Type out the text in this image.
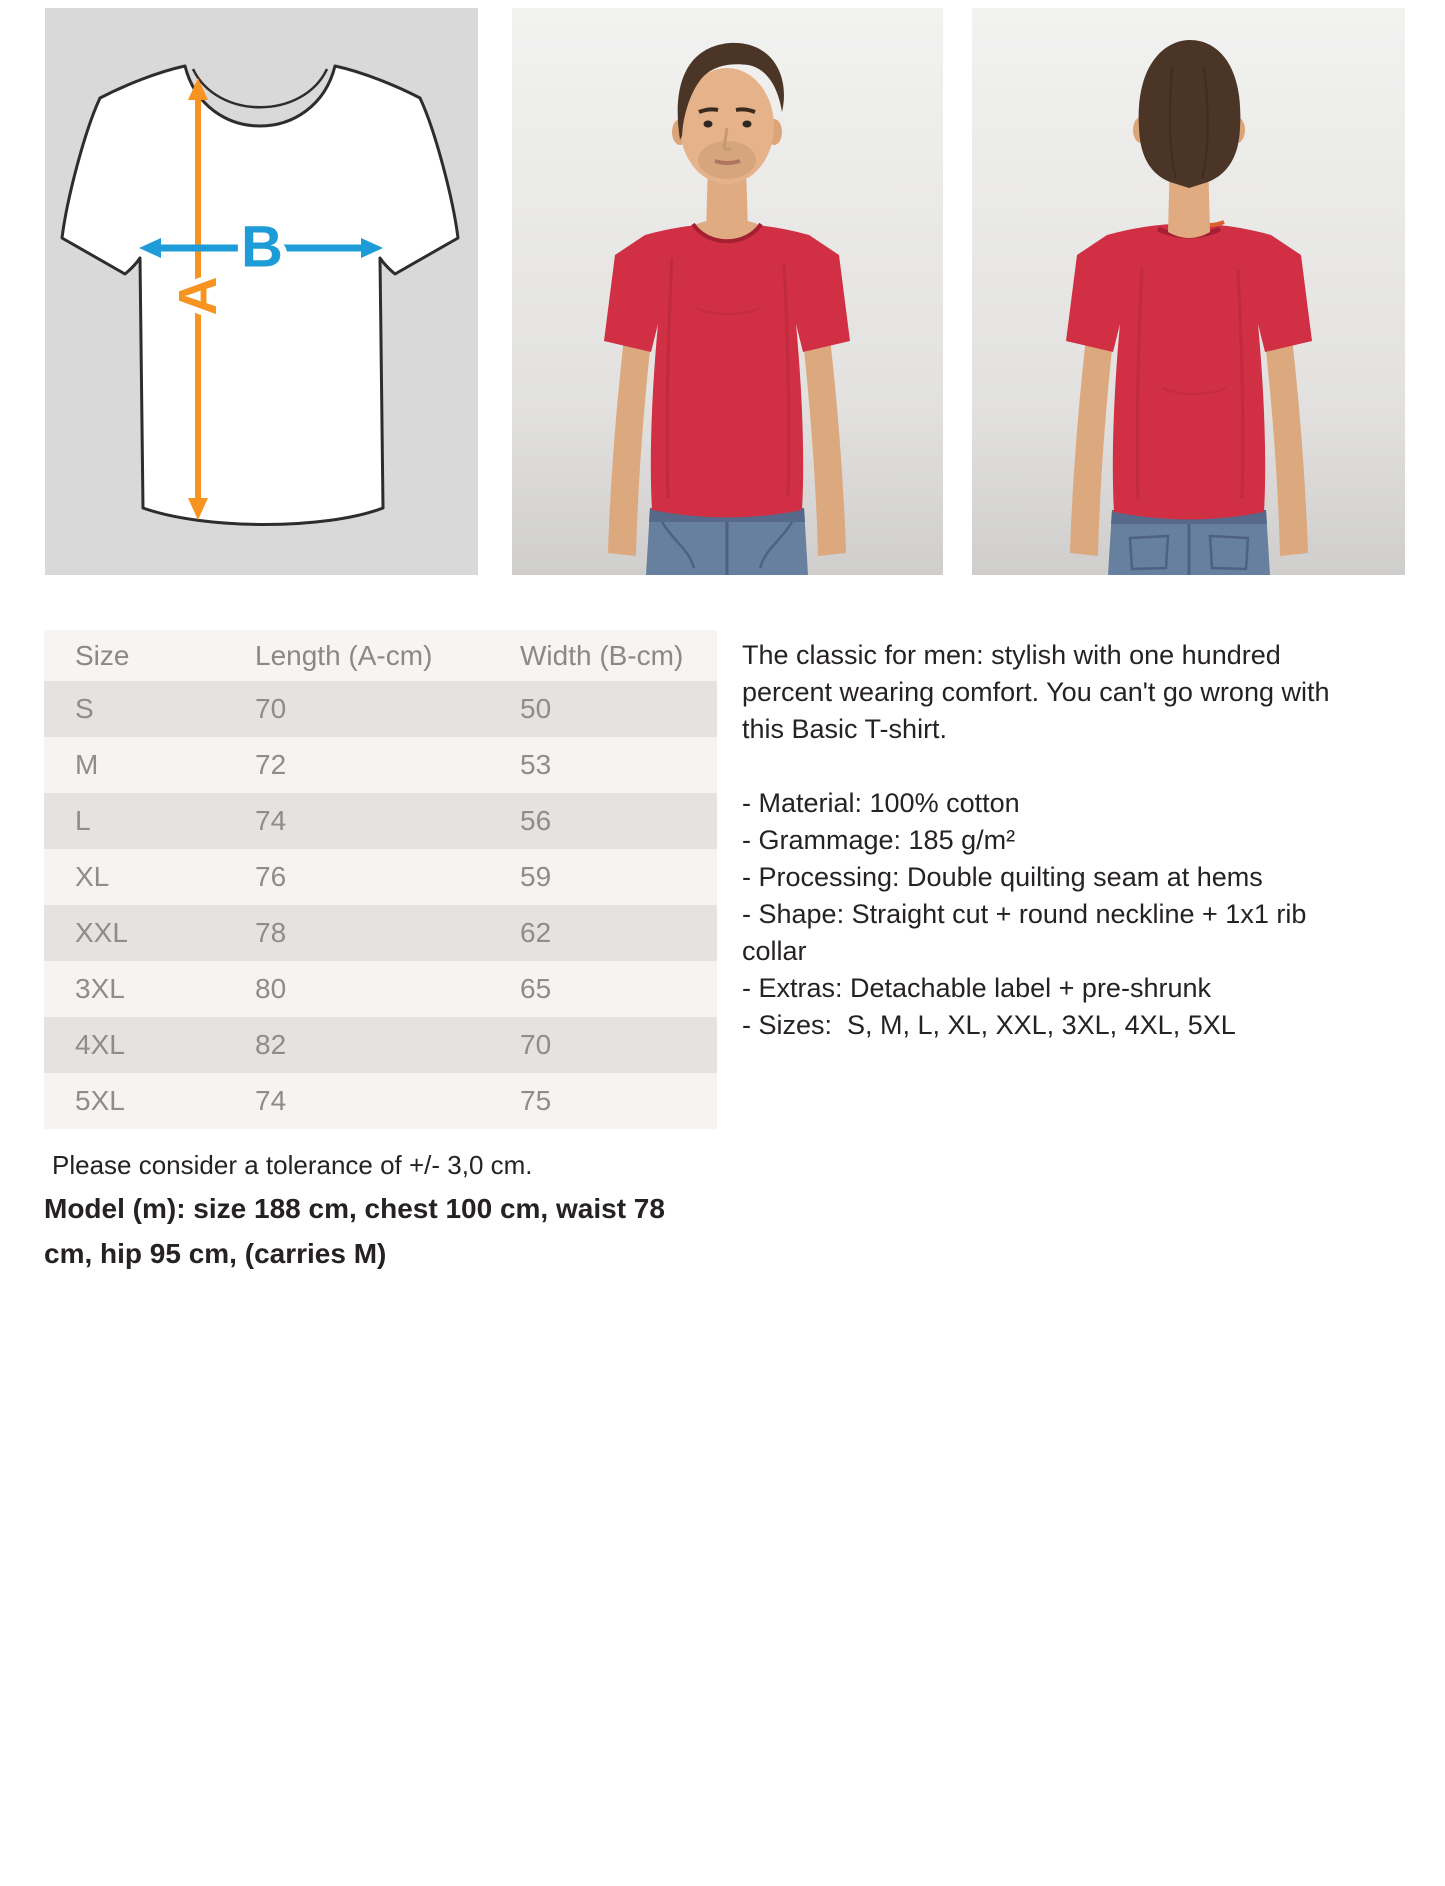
A
B
Size	Length (A-cm)	Width (B-cm)
S	70	50
M	72	53
L	74	56
XL	76	59
XXL	78	62
3XL	80	65
4XL	82	70
5XL	74	75
The classic for men: stylish with one hundred percent wearing comfort. You can't go wrong with this Basic T-shirt.
- Material: 100% cotton
- Grammage: 185 g/m²
- Processing: Double quilting seam at hems
- Shape: Straight cut + round neckline + 1x1 rib collar
- Extras: Detachable label + pre-shrunk
- Sizes:  S, M, L, XL, XXL, 3XL, 4XL, 5XL
Please consider a tolerance of +/- 3,0 cm.
Model (m): size 188 cm, chest 100 cm, waist 78 cm, hip 95 cm, (carries M)
